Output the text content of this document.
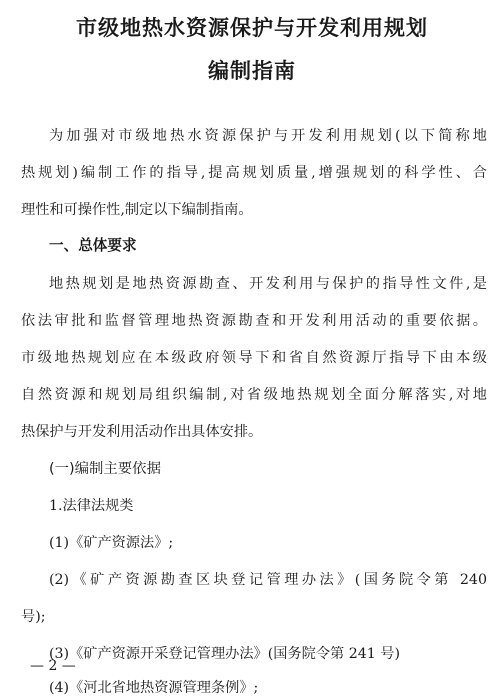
市级地热水资源保护与开发利用规划
编制指南
为加强对市级地热水资源保护与开发利用规划(以下简称地
热规划)编制工作的指导,提高规划质量,增强规划的科学性、合
理性和可操作性,制定以下编制指南。
一、总体要求
地热规划是地热资源勘查、开发利用与保护的指导性文件,是
依法审批和监督管理地热资源勘查和开发利用活动的重要依据。
市级地热规划应在本级政府领导下和省自然资源厅指导下由本级
自然资源和规划局组织编制,对省级地热规划全面分解落实,对地
热保护与开发利用活动作出具体安排。
(一)编制主要依据
1.法律法规类
(1)《矿产资源法》;
(2)《矿产资源勘查区块登记管理办法》(国务院令第 240
号);
(3)《矿产资源开采登记管理办法》(国务院令第 241 号)
(4)《河北省地热资源管理条例》;
— 2 —
